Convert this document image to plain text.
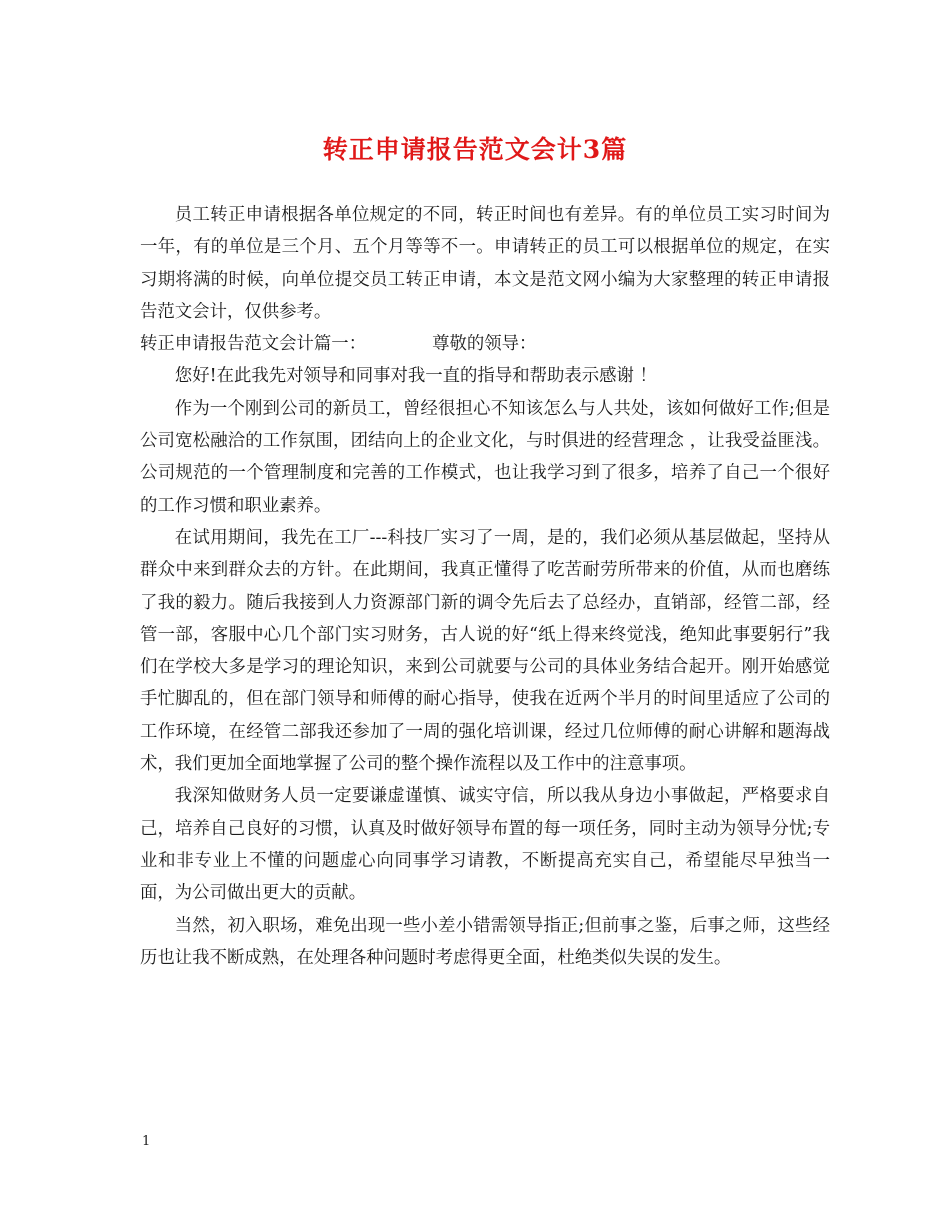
转正申请报告范文会计3篇

员工转正申请根据各单位规定的不同，转正时间也有差异。有的单位员工实习时间为一年，有的单位是三个月、五个月等等不一。申请转正的员工可以根据单位的规定，在实习期将满的时候，向单位提交员工转正申请，本文是范文网小编为大家整理的转正申请报告范文会计，仅供参考。

转正申请报告范文会计篇一：	尊敬的领导：

您好!在此我先对领导和同事对我一直的指导和帮助表示感谢 ！

作为一个刚到公司的新员工，曾经很担心不知该怎么与人共处，该如何做好工作;但是公司宽松融洽的工作氛围，团结向上的企业文化，与时俱进的经营理念 ，让我受益匪浅。公司规范的一个管理制度和完善的工作模式，也让我学习到了很多，培养了自己一个很好的工作习惯和职业素养。

在试用期间，我先在工厂---科技厂实习了一周，是的，我们必须从基层做起，坚持从群众中来到群众去的方针。在此期间，我真正懂得了吃苦耐劳所带来的价值，从而也磨练了我的毅力。随后我接到人力资源部门新的调令先后去了总经办，直销部，经管二部，经管一部，客服中心几个部门实习财务，古人说的好“纸上得来终觉浅，绝知此事要躬行”我们在学校大多是学习的理论知识，来到公司就要与公司的具体业务结合起开。刚开始感觉手忙脚乱的，但在部门领导和师傅的耐心指导，使我在近两个半月的时间里适应了公司的工作环境，在经管二部我还参加了一周的强化培训课，经过几位师傅的耐心讲解和题海战术，我们更加全面地掌握了公司的整个操作流程以及工作中的注意事项。

我深知做财务人员一定要谦虚谨慎、诚实守信，所以我从身边小事做起，严格要求自己，培养自己良好的习惯，认真及时做好领导布置的每一项任务，同时主动为领导分忧;专业和非专业上不懂的问题虚心向同事学习请教，不断提高充实自己，希望能尽早独当一面，为公司做出更大的贡献。

当然，初入职场，难免出现一些小差小错需领导指正;但前事之鉴，后事之师，这些经历也让我不断成熟，在处理各种问题时考虑得更全面，杜绝类似失误的发生。

1
